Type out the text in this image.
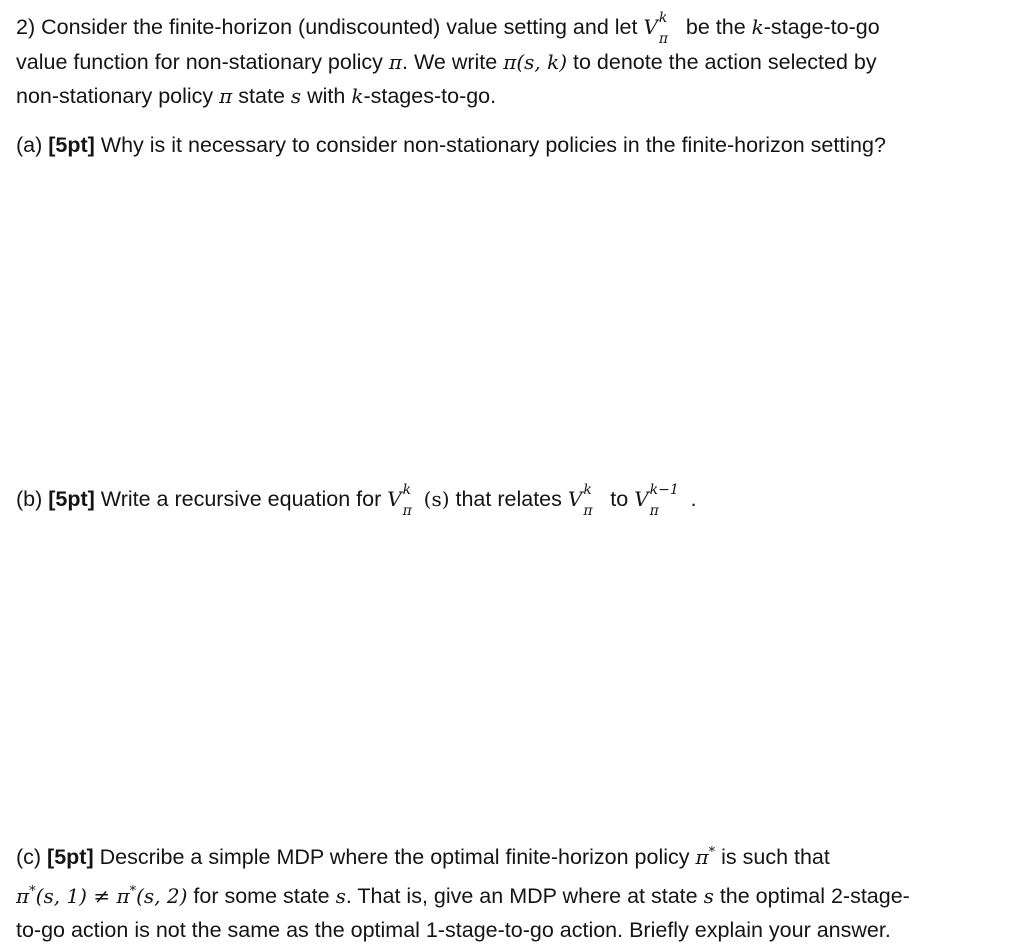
2) Consider the finite-horizon (undiscounted) value setting and let V k
π be the k-stage-to-go
value function for non-stationary policy π. We write π(s, k) to denote the action selected by
non-stationary policy π state s with k-stages-to-go.
(a) [5pt] Why is it necessary to consider non-stationary policies in the finite-horizon setting?
(b) [5pt] Write a recursive equation for V k
π (s) that relates V k
π to V k−1
π .
(c) [5pt] Describe a simple MDP where the optimal finite-horizon policy π* is such that
π*(s, 1) ≠ π*(s, 2) for some state s. That is, give an MDP where at state s the optimal 2-stage-
to-go action is not the same as the optimal 1-stage-to-go action. Briefly explain your answer.
